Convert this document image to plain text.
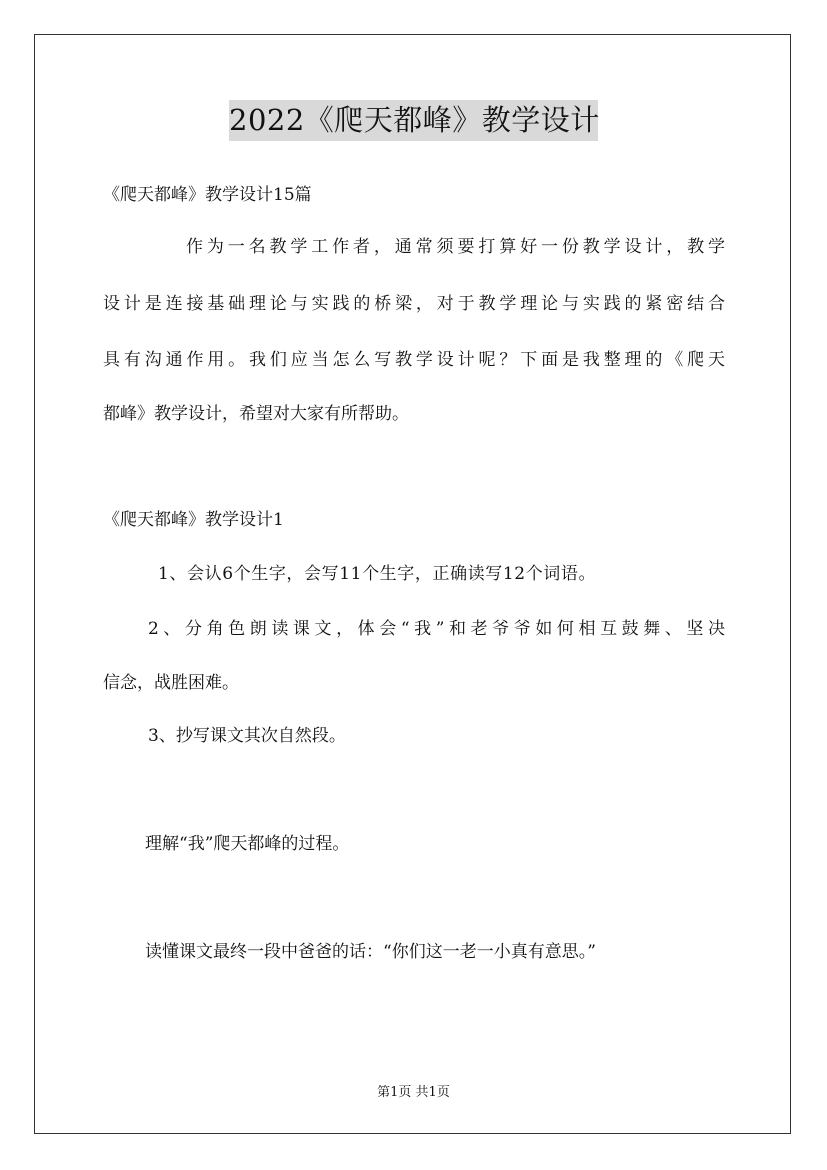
2022《爬天都峰》教学设计
《爬天都峰》教学设计15篇
作为一名教学工作者，通常须要打算好一份教学设计，教学
设计是连接基础理论与实践的桥梁，对于教学理论与实践的紧密结合
具有沟通作用。我们应当怎么写教学设计呢？下面是我整理的《爬天
都峰》教学设计，希望对大家有所帮助。
《爬天都峰》教学设计1
1、会认6个生字，会写11个生字，正确读写12个词语。
2、分角色朗读课文，体会“我”和老爷爷如何相互鼓舞、坚决
信念，战胜困难。
3、抄写课文其次自然段。
理解“我”爬天都峰的过程。
读懂课文最终一段中爸爸的话：“你们这一老一小真有意思。”
第1页 共1页
